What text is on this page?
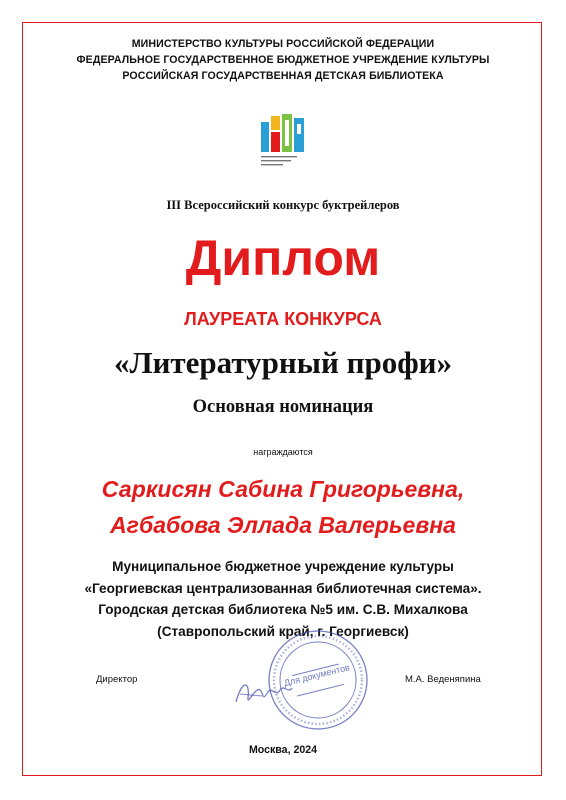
МИНИСТЕРСТВО КУЛЬТУРЫ РОССИЙСКОЙ ФЕДЕРАЦИИ
ФЕДЕРАЛЬНОЕ ГОСУДАРСТВЕННОЕ БЮДЖЕТНОЕ УЧРЕЖДЕНИЕ КУЛЬТУРЫ
РОССИЙСКАЯ ГОСУДАРСТВЕННАЯ ДЕТСКАЯ БИБЛИОТЕКА
III Всероссийский конкурс буктрейлеров
Диплом
ЛАУРЕАТА КОНКУРСА
«Литературный профи»
Основная номинация
награждаются
Саркисян Сабина Григорьевна,
Агбабова Эллада Валерьевна
Муниципальное бюджетное учреждение культуры
«Георгиевская централизованная библиотечная система».
Городская детская библиотека №5 им. С.В. Михалкова
(Ставропольский край, г. Георгиевск)
Директор	М.А. Веденяпина
Для документов
Москва, 2024
